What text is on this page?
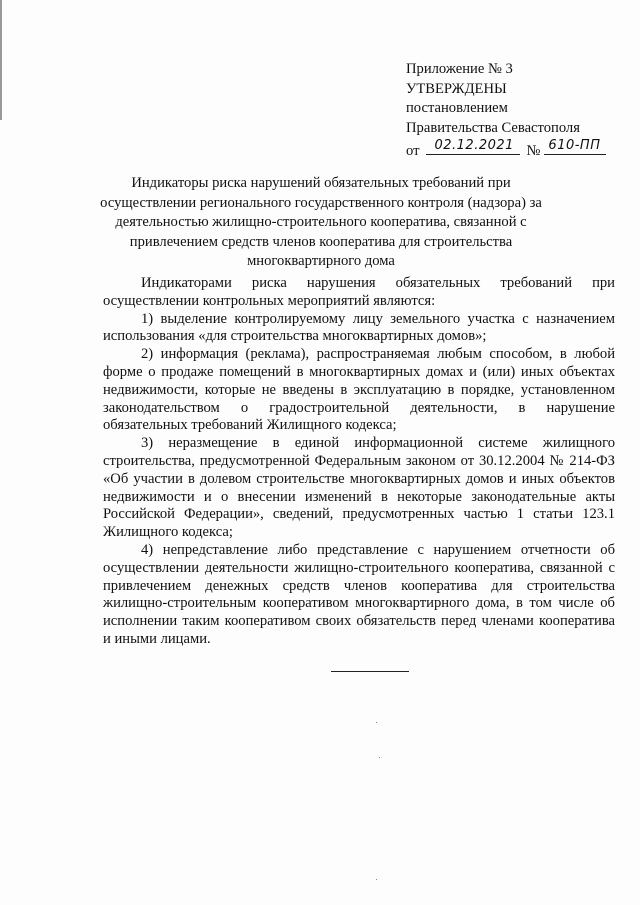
Приложение № 3
УТВЕРЖДЕНЫ
постановлением
Правительства Севастополя
от 02.12.2021 № 610-ПП
Индикаторы риска нарушений обязательных требований при осуществлении регионального государственного контроля (надзора) за деятельностью жилищно-строительного кооператива, связанной с привлечением средств членов кооператива для строительства многоквартирного дома

Индикаторами риска нарушения обязательных требований при осуществлении контрольных мероприятий являются:

1) выделение контролируемому лицу земельного участка с назначением использования «для строительства многоквартирных домов»;

2) информация (реклама), распространяемая любым способом, в любой форме о продаже помещений в многоквартирных домах и (или) иных объектах недвижимости, которые не введены в эксплуатацию в порядке, установленном законодательством о градостроительной деятельности, в нарушение обязательных требований Жилищного кодекса;

3) неразмещение в единой информационной системе жилищного строительства, предусмотренной Федеральным законом от 30.12.2004 № 214-ФЗ «Об участии в долевом строительстве многоквартирных домов и иных объектов недвижимости и о внесении изменений в некоторые законодательные акты Российской Федерации», сведений, предусмотренных частью 1 статьи 123.1 Жилищного кодекса;

4) непредставление либо представление с нарушением отчетности об осуществлении деятельности жилищно-строительного кооператива, связанной с привлечением денежных средств членов кооператива для строительства жилищно-строительным кооперативом многоквартирного дома, в том числе об исполнении таким кооперативом своих обязательств перед членами кооператива и иными лицами.
